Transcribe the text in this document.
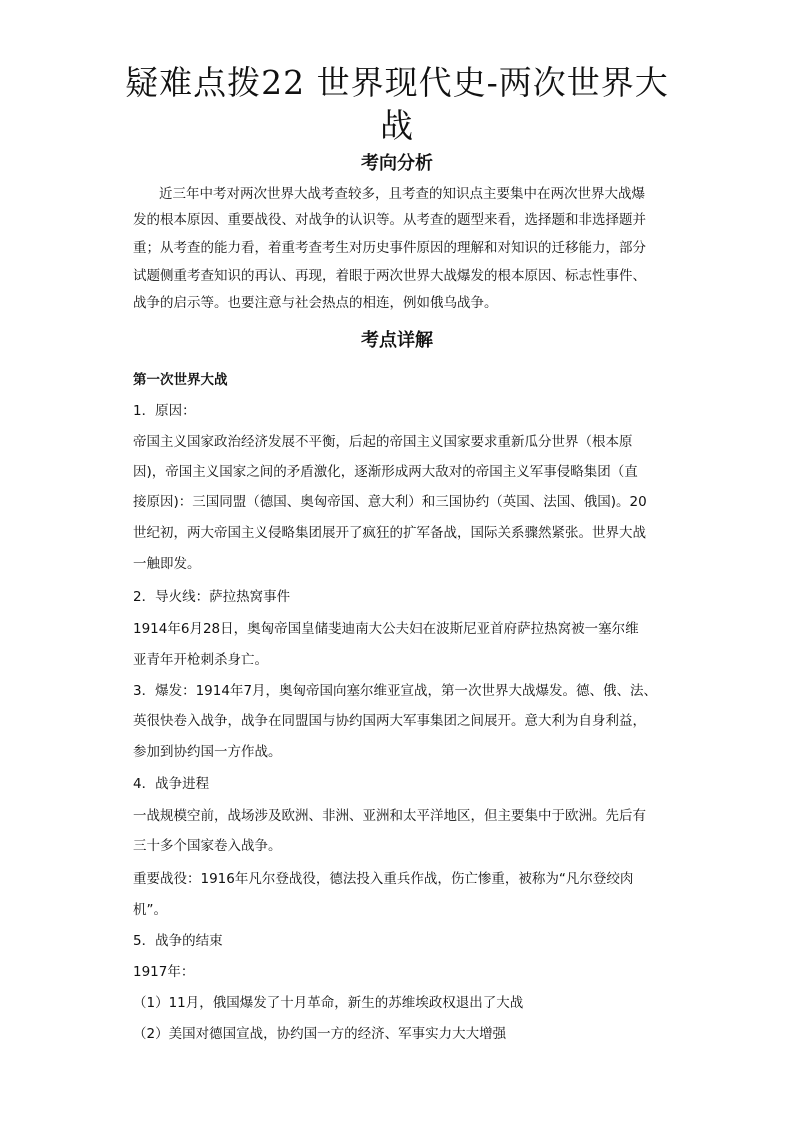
疑难点拨22 世界现代史-两次世界大
战
考向分析
近三年中考对两次世界大战考查较多，且考查的知识点主要集中在两次世界大战爆
发的根本原因、重要战役、对战争的认识等。从考查的题型来看，选择题和非选择题并
重；从考查的能力看，着重考查考生对历史事件原因的理解和对知识的迁移能力，部分
试题侧重考查知识的再认、再现，着眼于两次世界大战爆发的根本原因、标志性事件、
战争的启示等。也要注意与社会热点的相连，例如俄乌战争。
考点详解
第一次世界大战
1．原因：
帝国主义国家政治经济发展不平衡，后起的帝国主义国家要求重新瓜分世界（根本原
因)，帝国主义国家之间的矛盾激化，逐渐形成两大敌对的帝国主义军事侵略集团（直
接原因)：三国同盟（德国、奥匈帝国、意大利）和三国协约（英国、法国、俄国)。20
世纪初，两大帝国主义侵略集团展开了疯狂的扩军备战，国际关系骤然紧张。世界大战
一触即发。
2．导火线：萨拉热窝事件
1914年6月28日，奥匈帝国皇储斐迪南大公夫妇在波斯尼亚首府萨拉热窝被一塞尔维
亚青年开枪刺杀身亡。
3．爆发：1914年7月，奥匈帝国向塞尔维亚宣战，第一次世界大战爆发。德、俄、法、
英很快卷入战争，战争在同盟国与协约国两大军事集团之间展开。意大利为自身利益，
参加到协约国一方作战。
4．战争进程
一战规模空前，战场涉及欧洲、非洲、亚洲和太平洋地区，但主要集中于欧洲。先后有
三十多个国家卷入战争。
重要战役：1916年凡尔登战役，德法投入重兵作战，伤亡惨重，被称为“凡尔登绞肉
机”。
5．战争的结束
1917年：
（1）11月，俄国爆发了十月革命，新生的苏维埃政权退出了大战
（2）美国对德国宣战，协约国一方的经济、军事实力大大增强
